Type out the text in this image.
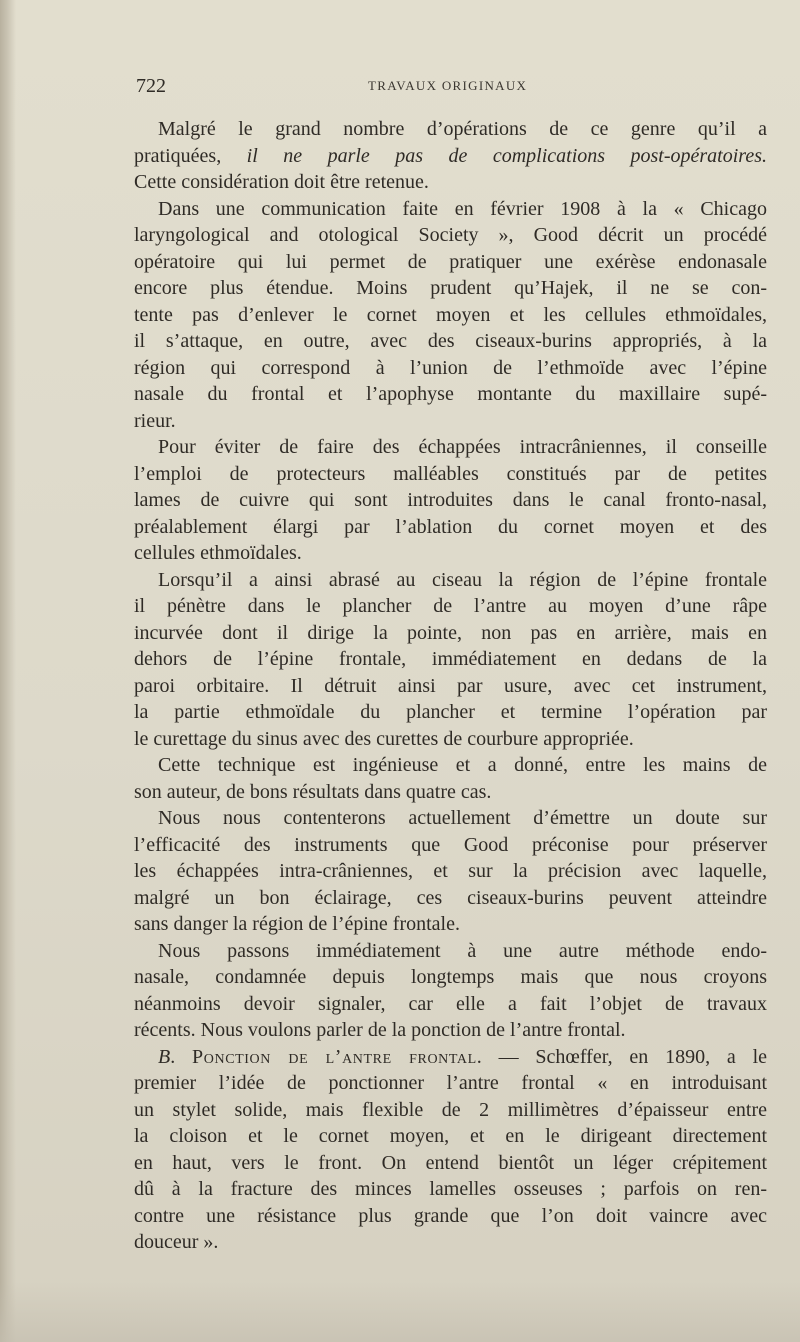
722	TRAVAUX ORIGINAUX
Malgré le grand nombre d’opérations de ce genre qu’il a
pratiquées, il ne parle pas de complications post-opératoires.
Cette considération doit être retenue.
Dans une communication faite en février 1908 à la « Chicago
laryngological and otological Society », Good décrit un procédé
opératoire qui lui permet de pratiquer une exérèse endonasale
encore plus étendue. Moins prudent qu’Hajek, il ne se con-
tente pas d’enlever le cornet moyen et les cellules ethmoïdales,
il s’attaque, en outre, avec des ciseaux-burins appropriés, à la
région qui correspond à l’union de l’ethmoïde avec l’épine
nasale du frontal et l’apophyse montante du maxillaire supé-
rieur.
Pour éviter de faire des échappées intracrâniennes, il conseille
l’emploi de protecteurs malléables constitués par de petites
lames de cuivre qui sont introduites dans le canal fronto-nasal,
préalablement élargi par l’ablation du cornet moyen et des
cellules ethmoïdales.
Lorsqu’il a ainsi abrasé au ciseau la région de l’épine frontale
il pénètre dans le plancher de l’antre au moyen d’une râpe
incurvée dont il dirige la pointe, non pas en arrière, mais en
dehors de l’épine frontale, immédiatement en dedans de la
paroi orbitaire. Il détruit ainsi par usure, avec cet instrument,
la partie ethmoïdale du plancher et termine l’opération par
le curettage du sinus avec des curettes de courbure appropriée.
Cette technique est ingénieuse et a donné, entre les mains de
son auteur, de bons résultats dans quatre cas.
Nous nous contenterons actuellement d’émettre un doute sur
l’efficacité des instruments que Good préconise pour préserver
les échappées intra-crâniennes, et sur la précision avec laquelle,
malgré un bon éclairage, ces ciseaux-burins peuvent atteindre
sans danger la région de l’épine frontale.
Nous passons immédiatement à une autre méthode endo-
nasale, condamnée depuis longtemps mais que nous croyons
néanmoins devoir signaler, car elle a fait l’objet de travaux
récents. Nous voulons parler de la ponction de l’antre frontal.
B. Ponction de l’antre frontal. — Schœffer, en 1890, a le
premier l’idée de ponctionner l’antre frontal « en introduisant
un stylet solide, mais flexible de 2 millimètres d’épaisseur entre
la cloison et le cornet moyen, et en le dirigeant directement
en haut, vers le front. On entend bientôt un léger crépitement
dû à la fracture des minces lamelles osseuses ; parfois on ren-
contre une résistance plus grande que l’on doit vaincre avec
douceur ».
